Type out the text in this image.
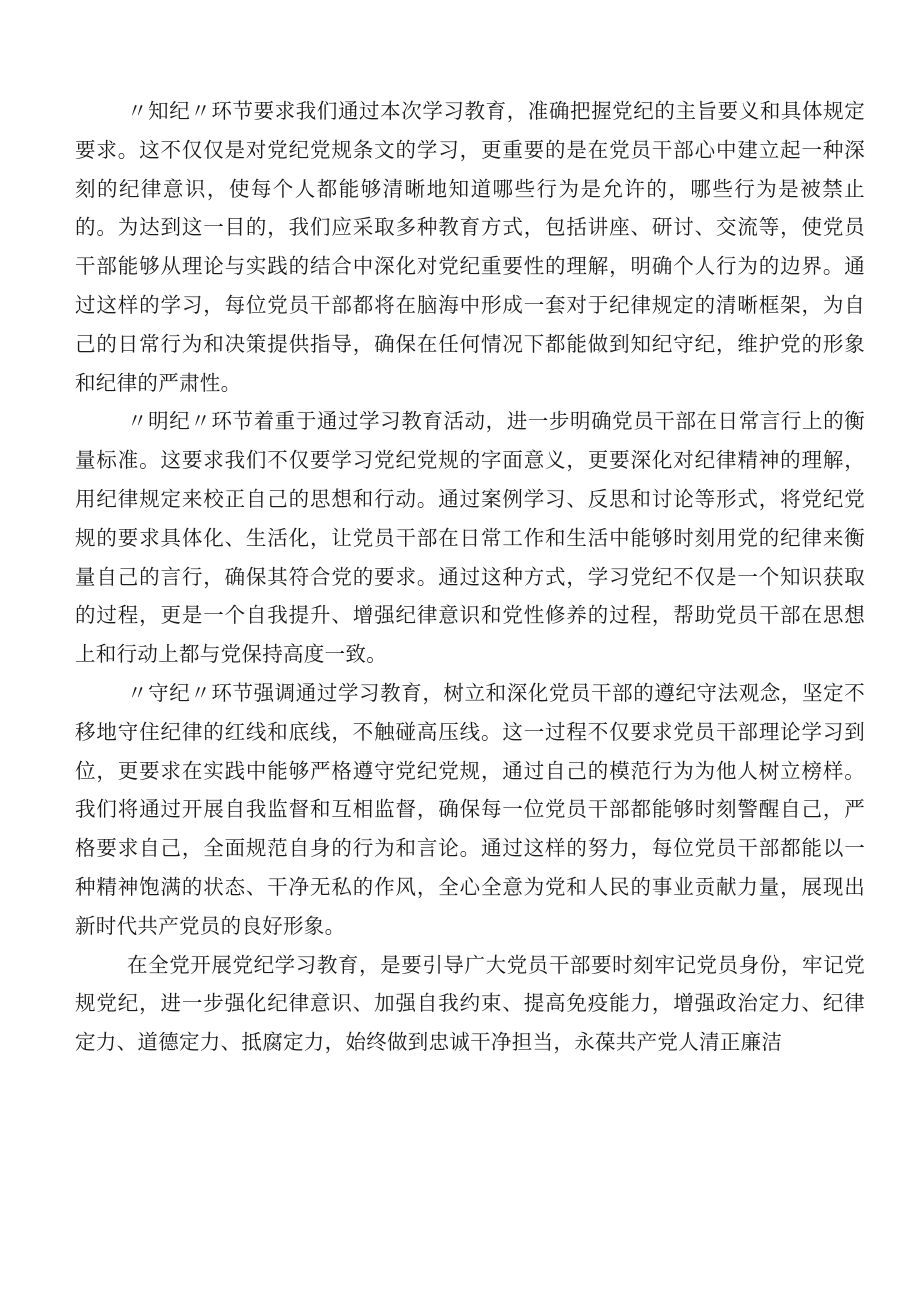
〃知纪〃环节要求我们通过本次学习教育，准确把握党纪的主旨要义和具体规定要求。这不仅仅是对党纪党规条文的学习，更重要的是在党员干部心中建立起一种深刻的纪律意识，使每个人都能够清晰地知道哪些行为是允许的，哪些行为是被禁止的。为达到这一目的，我们应采取多种教育方式，包括讲座、研讨、交流等，使党员干部能够从理论与实践的结合中深化对党纪重要性的理解，明确个人行为的边界。通过这样的学习，每位党员干部都将在脑海中形成一套对于纪律规定的清晰框架，为自己的日常行为和决策提供指导，确保在任何情况下都能做到知纪守纪，维护党的形象和纪律的严肃性。

〃明纪〃环节着重于通过学习教育活动，进一步明确党员干部在日常言行上的衡量标准。这要求我们不仅要学习党纪党规的字面意义，更要深化对纪律精神的理解，用纪律规定来校正自己的思想和行动。通过案例学习、反思和讨论等形式，将党纪党规的要求具体化、生活化，让党员干部在日常工作和生活中能够时刻用党的纪律来衡量自己的言行，确保其符合党的要求。通过这种方式，学习党纪不仅是一个知识获取的过程，更是一个自我提升、增强纪律意识和党性修养的过程，帮助党员干部在思想上和行动上都与党保持高度一致。

〃守纪〃环节强调通过学习教育，树立和深化党员干部的遵纪守法观念，坚定不移地守住纪律的红线和底线，不触碰高压线。这一过程不仅要求党员干部理论学习到位，更要求在实践中能够严格遵守党纪党规，通过自己的模范行为为他人树立榜样。我们将通过开展自我监督和互相监督，确保每一位党员干部都能够时刻警醒自己，严格要求自己，全面规范自身的行为和言论。通过这样的努力，每位党员干部都能以一种精神饱满的状态、干净无私的作风，全心全意为党和人民的事业贡献力量，展现出新时代共产党员的良好形象。

在全党开展党纪学习教育，是要引导广大党员干部要时刻牢记党员身份，牢记党规党纪，进一步强化纪律意识、加强自我约束、提高免疫能力，增强政治定力、纪律定力、道德定力、抵腐定力，始终做到忠诚干净担当，永葆共产党人清正廉洁
